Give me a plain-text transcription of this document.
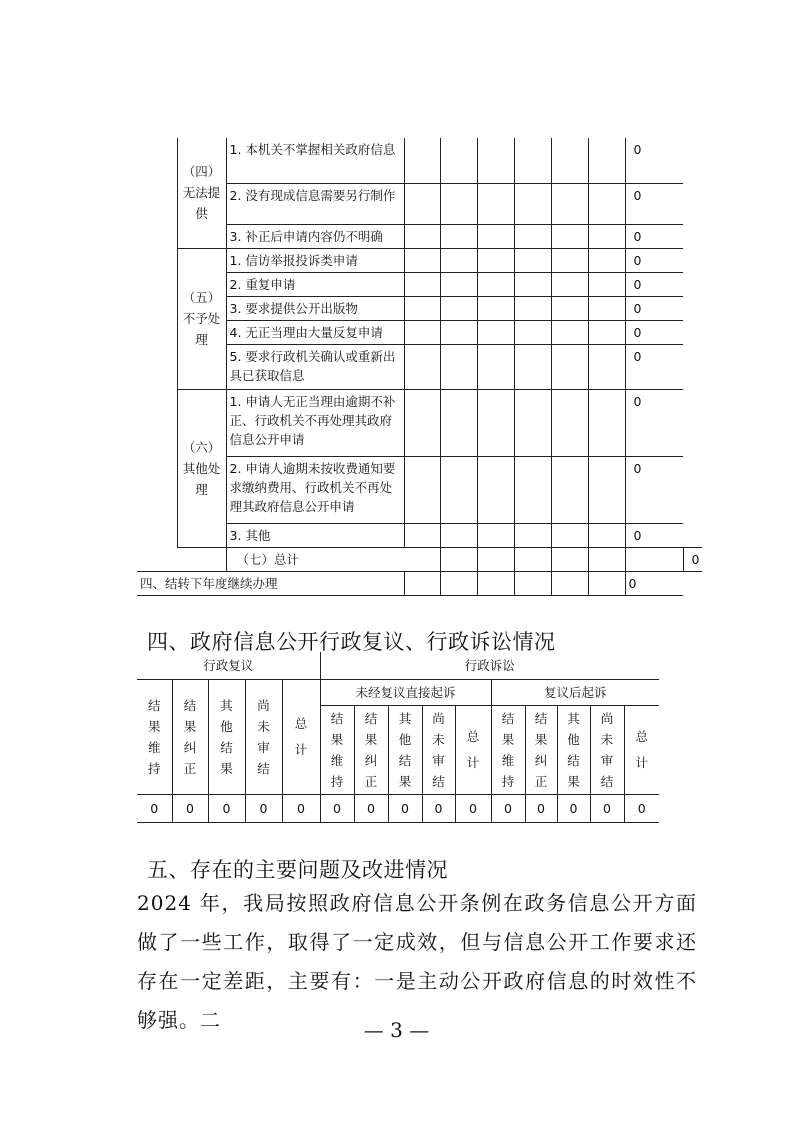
	（四）无法提供	1. 本机关不掌握相关政府信息							0	
		2. 没有现成信息需要另行制作							0	
		3. 补正后申请内容仍不明确							0	
	（五）不予处理	1. 信访举报投诉类申请							0	
		2. 重复申请							0	
		3. 要求提供公开出版物							0	
		4. 无正当理由大量反复申请							0	
		5. 要求行政机关确认或重新出具已获取信息							0	
	（六）其他处理	1. 申请人无正当理由逾期不补正、行政机关不再处理其政府信息公开申请							0	
		2. 申请人逾期未按收费通知要求缴纳费用、行政机关不再处理其政府信息公开申请							0	
		3. 其他							0	
		（七）总计								0
四、结转下年度继续办理									0	
四、政府信息公开行政复议、行政诉讼情况
行政复议					行政诉讼									
结果维持	结果纠正	其他结果	尚未审结	总计	未经复议直接起诉					复议后起诉				
					结果维持	结果纠正	其他结果	尚未审结	总计	结果维持	结果纠正	其他结果	尚未审结	总计
0	0	0	0	0	0	0	0	0	0	0	0	0	0	0
五、存在的主要问题及改进情况

2024 年，我局按照政府信息公开条例在政务信息公开方面做了一些工作，取得了一定成效，但与信息公开工作要求还存在一定差距，主要有：一是主动公开政府信息的时效性不够强。二	— 3 —
